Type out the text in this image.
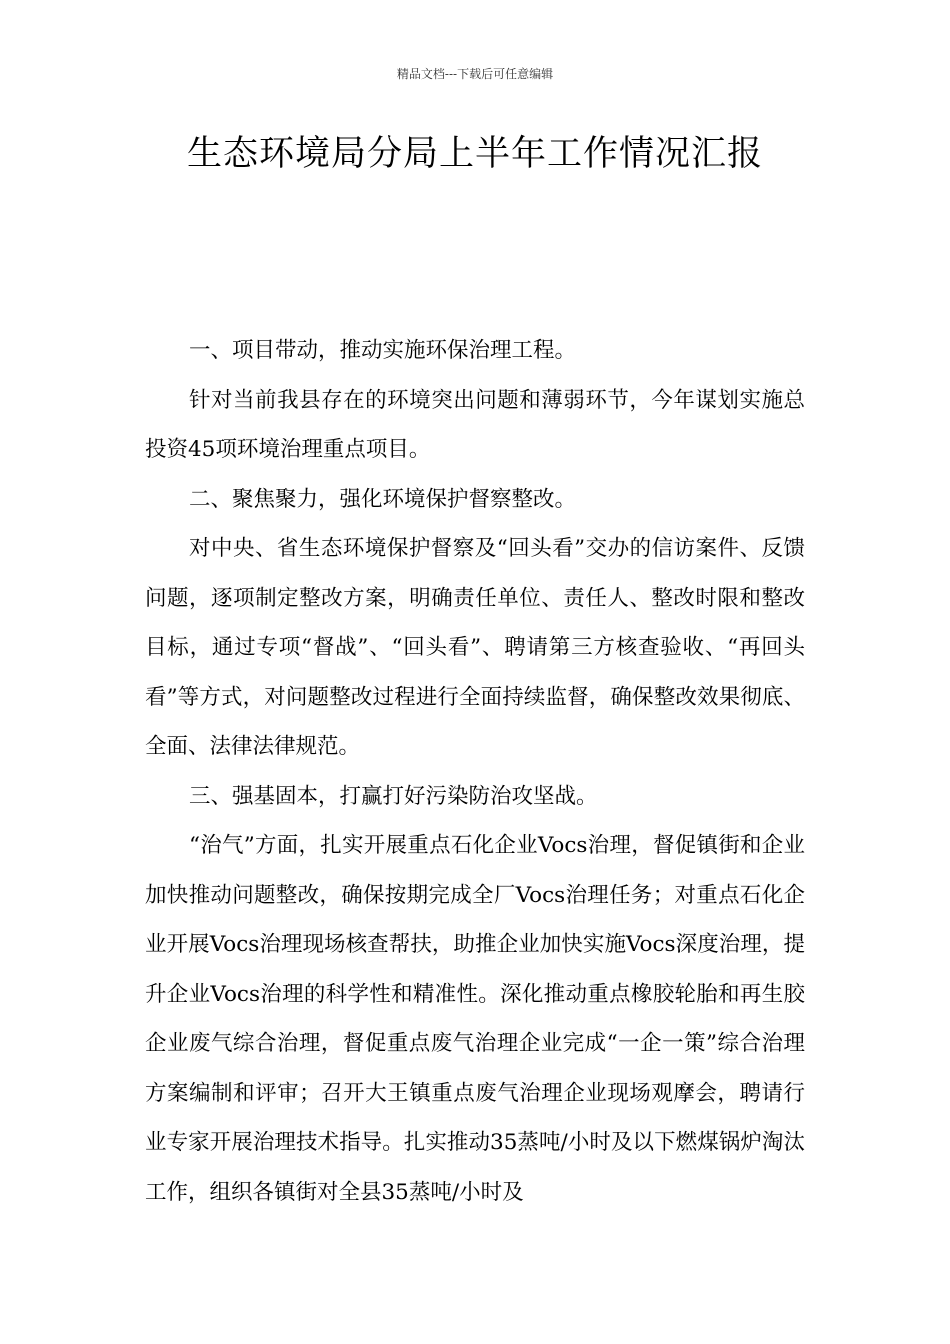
精品文档---下载后可任意编辑
生态环境局分局上半年工作情况汇报

一、项目带动，推动实施环保治理工程。

针对当前我县存在的环境突出问题和薄弱环节，今年谋划实施总投资45项环境治理重点项目。

二、聚焦聚力，强化环境保护督察整改。

对中央、省生态环境保护督察及“回头看”交办的信访案件、反馈问题，逐项制定整改方案，明确责任单位、责任人、整改时限和整改目标，通过专项“督战”、“回头看”、聘请第三方核查验收、“再回头看”等方式，对问题整改过程进行全面持续监督，确保整改效果彻底、全面、法律法律规范。

三、强基固本，打赢打好污染防治攻坚战。

“治气”方面，扎实开展重点石化企业Vocs治理，督促镇街和企业加快推动问题整改，确保按期完成全厂Vocs治理任务；对重点石化企业开展Vocs治理现场核查帮扶，助推企业加快实施Vocs深度治理，提升企业Vocs治理的科学性和精准性。深化推动重点橡胶轮胎和再生胶企业废气综合治理，督促重点废气治理企业完成“一企一策”综合治理方案编制和评审；召开大王镇重点废气治理企业现场观摩会，聘请行业专家开展治理技术指导。扎实推动35蒸吨/小时及以下燃煤锅炉淘汰工作，组织各镇街对全县35蒸吨/小时及
